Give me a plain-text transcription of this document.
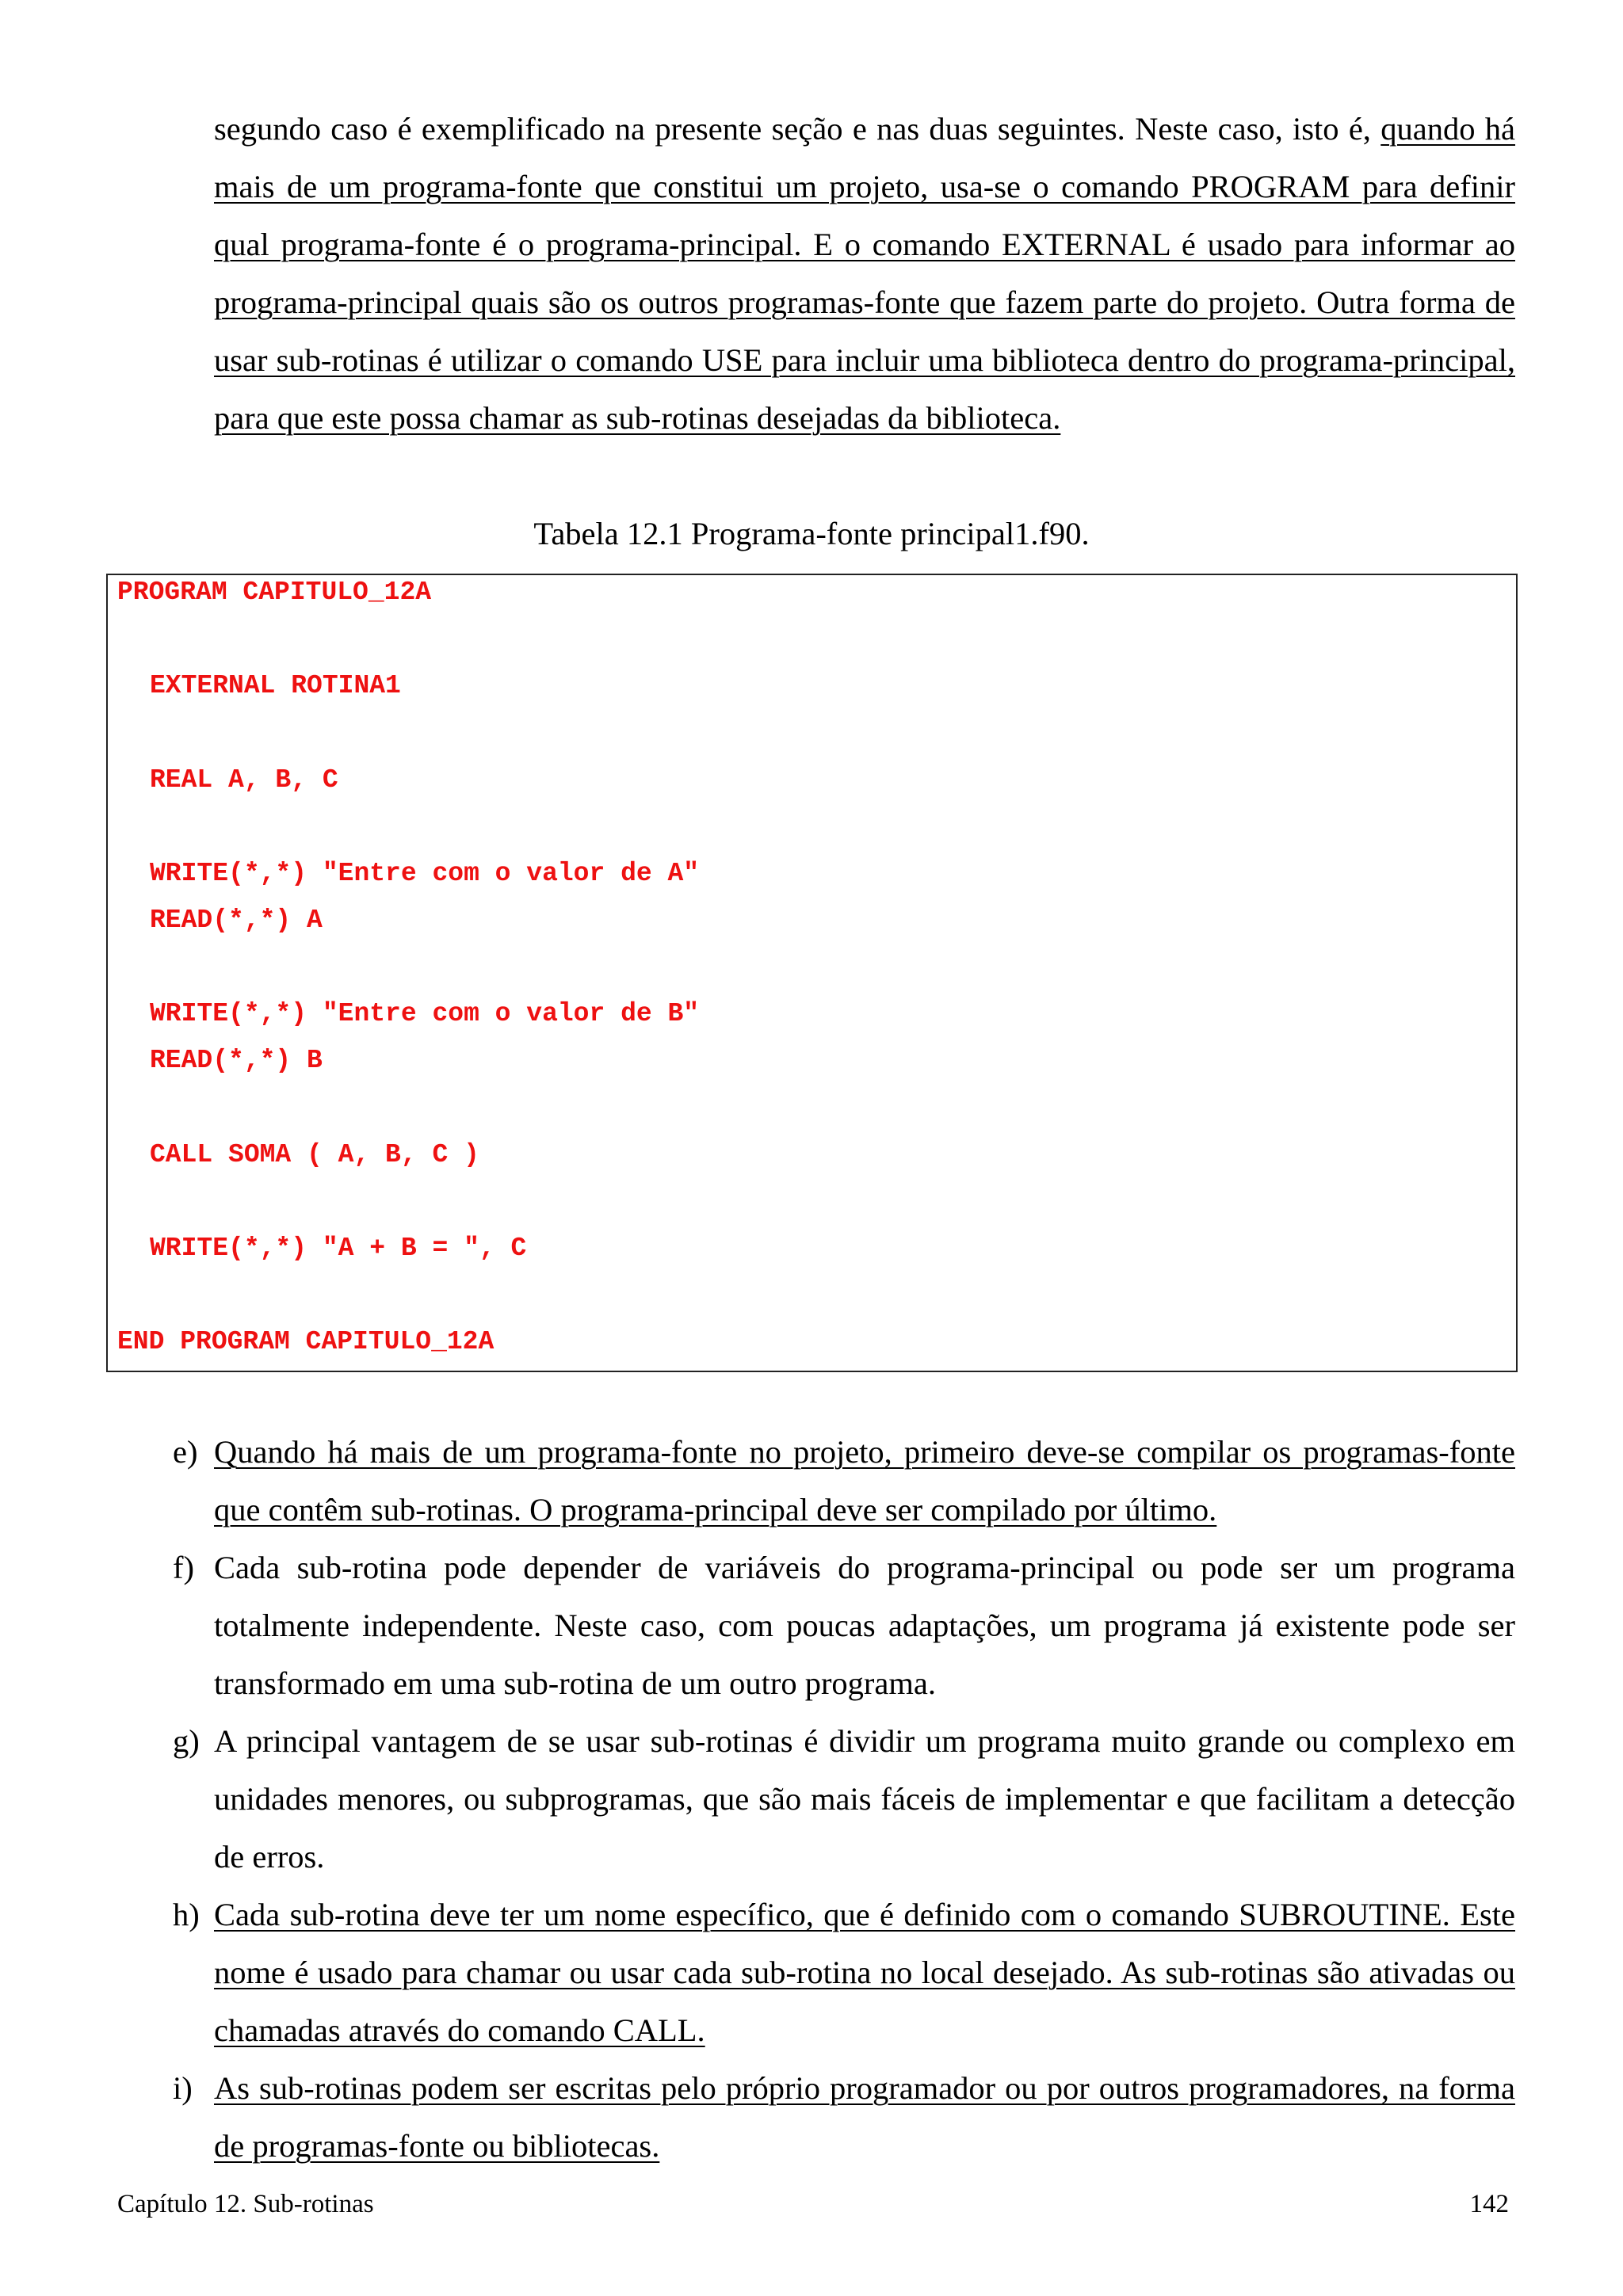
segundo caso é exemplificado na presente seção e nas duas seguintes. Neste caso, isto é, quando há mais de um programa-fonte que constitui um projeto, usa-se o comando PROGRAM para definir qual programa-fonte é o programa-principal. E o comando EXTERNAL é usado para informar ao programa-principal quais são os outros programas-fonte que fazem parte do projeto. Outra forma de usar sub-rotinas é utilizar o comando USE para incluir uma biblioteca dentro do programa-principal, para que este possa chamar as sub-rotinas desejadas da biblioteca.
Tabela 12.1 Programa-fonte principal1.f90.
PROGRAM CAPITULO_12A
EXTERNAL ROTINA1
REAL A, B, C
WRITE(*,*) "Entre com o valor de A"
READ(*,*) A
WRITE(*,*) "Entre com o valor de B"
READ(*,*) B
CALL SOMA ( A, B, C )
WRITE(*,*) "A + B = ", C
END PROGRAM CAPITULO_12A
e) Quando há mais de um programa-fonte no projeto, primeiro deve-se compilar os programas-fonte que contêm sub-rotinas. O programa-principal deve ser compilado por último.
f) Cada sub-rotina pode depender de variáveis do programa-principal ou pode ser um programa totalmente independente. Neste caso, com poucas adaptações, um programa já existente pode ser transformado em uma sub-rotina de um outro programa.
g) A principal vantagem de se usar sub-rotinas é dividir um programa muito grande ou complexo em unidades menores, ou subprogramas, que são mais fáceis de implementar e que facilitam a detecção de erros.
h) Cada sub-rotina deve ter um nome específico, que é definido com o comando SUBROUTINE. Este nome é usado para chamar ou usar cada sub-rotina no local desejado. As sub-rotinas são ativadas ou chamadas através do comando CALL.
i) As sub-rotinas podem ser escritas pelo próprio programador ou por outros programadores, na forma de programas-fonte ou bibliotecas.
Capítulo 12. Sub-rotinas	142
